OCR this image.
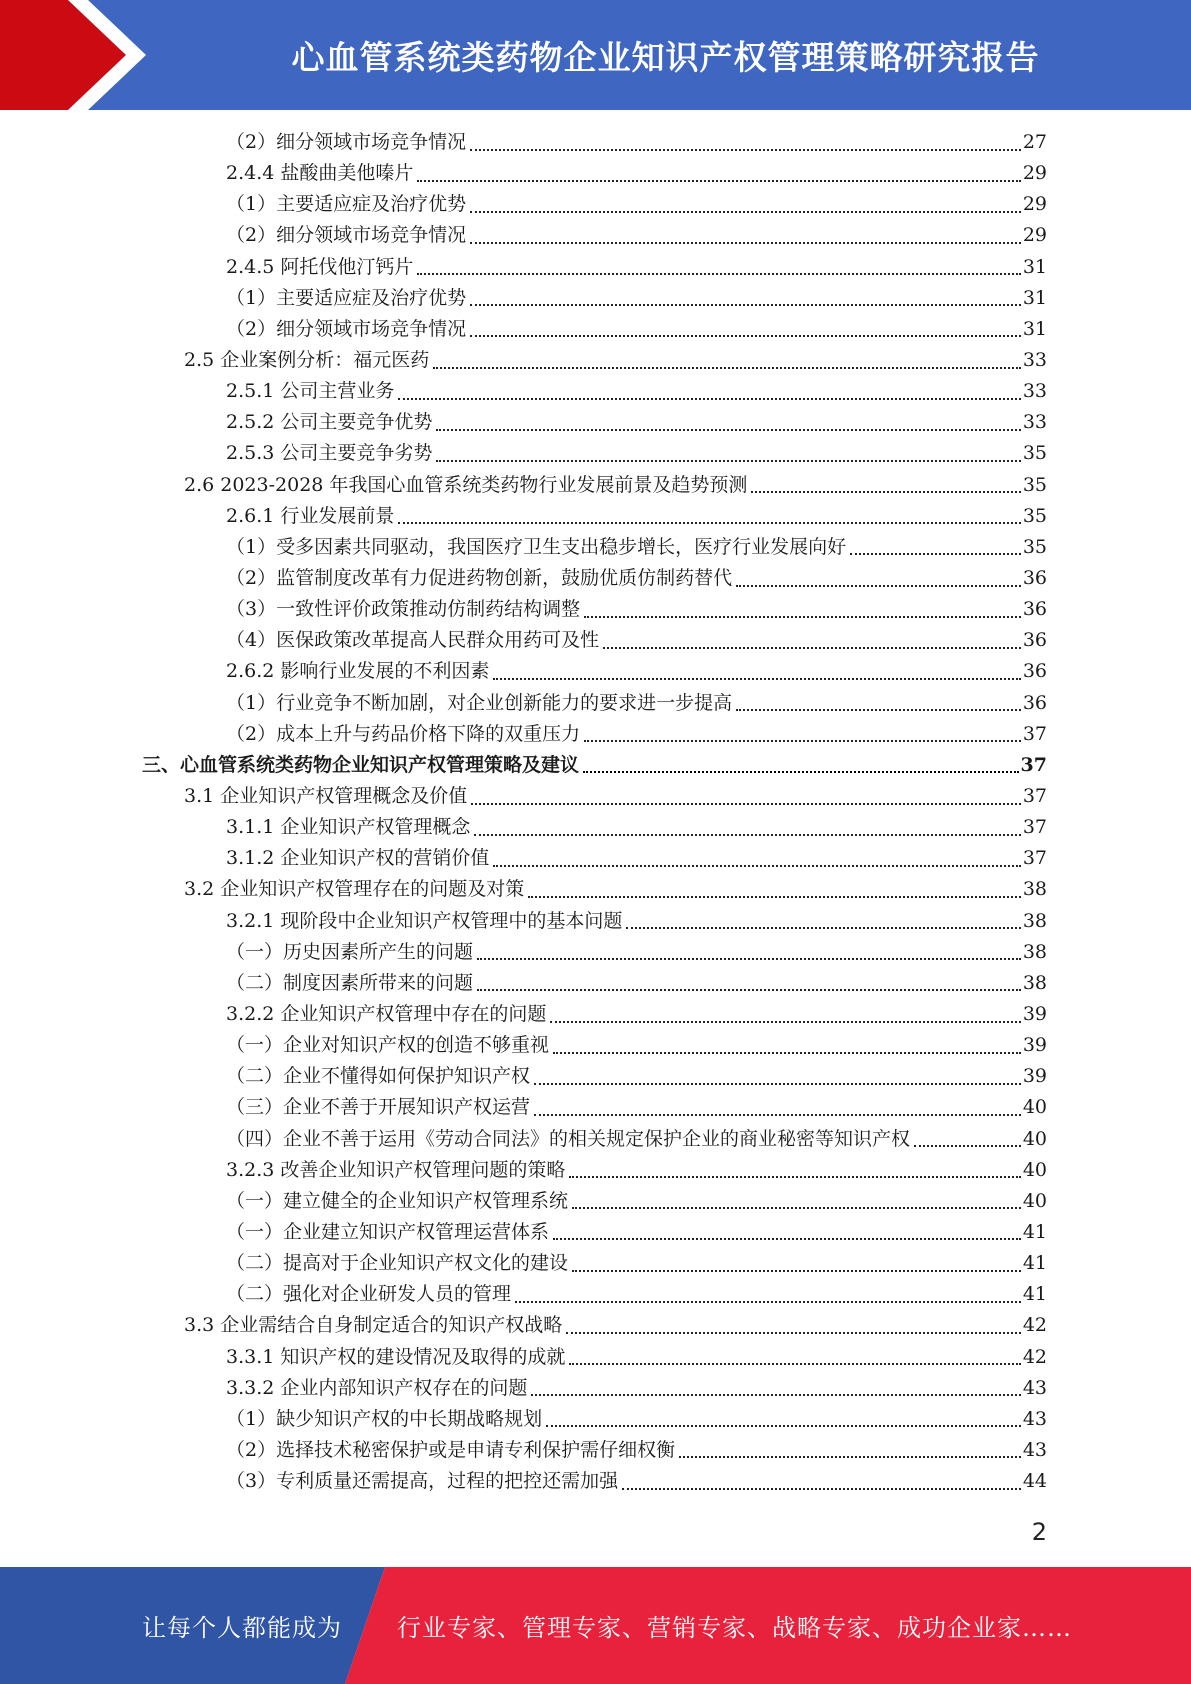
心血管系统类药物企业知识产权管理策略研究报告
（2）细分领域市场竞争情况	27
2.4.4 盐酸曲美他嗪片	29
（1）主要适应症及治疗优势	29
（2）细分领域市场竞争情况	29
2.4.5 阿托伐他汀钙片	31
（1）主要适应症及治疗优势	31
（2）细分领域市场竞争情况	31
2.5 企业案例分析：福元医药	33
2.5.1 公司主营业务	33
2.5.2 公司主要竞争优势	33
2.5.3 公司主要竞争劣势	35
2.6 2023-2028 年我国心血管系统类药物行业发展前景及趋势预测	35
2.6.1 行业发展前景	35
（1）受多因素共同驱动，我国医疗卫生支出稳步增长，医疗行业发展向好	35
（2）监管制度改革有力促进药物创新，鼓励优质仿制药替代	36
（3）一致性评价政策推动仿制药结构调整	36
（4）医保政策改革提高人民群众用药可及性	36
2.6.2 影响行业发展的不利因素	36
（1）行业竞争不断加剧，对企业创新能力的要求进一步提高	36
（2）成本上升与药品价格下降的双重压力	37
三、心血管系统类药物企业知识产权管理策略及建议	37
3.1 企业知识产权管理概念及价值	37
3.1.1 企业知识产权管理概念	37
3.1.2 企业知识产权的营销价值	37
3.2 企业知识产权管理存在的问题及对策	38
3.2.1 现阶段中企业知识产权管理中的基本问题	38
（一）历史因素所产生的问题	38
（二）制度因素所带来的问题	38
3.2.2 企业知识产权管理中存在的问题	39
（一）企业对知识产权的创造不够重视	39
（二）企业不懂得如何保护知识产权	39
（三）企业不善于开展知识产权运营	40
（四）企业不善于运用《劳动合同法》的相关规定保护企业的商业秘密等知识产权	40
3.2.3 改善企业知识产权管理问题的策略	40
（一）建立健全的企业知识产权管理系统	40
（一）企业建立知识产权管理运营体系	41
（二）提高对于企业知识产权文化的建设	41
（二）强化对企业研发人员的管理	41
3.3 企业需结合自身制定适合的知识产权战略	42
3.3.1 知识产权的建设情况及取得的成就	42
3.3.2 企业内部知识产权存在的问题	43
（1）缺少知识产权的中长期战略规划	43
（2）选择技术秘密保护或是申请专利保护需仔细权衡	43
（3）专利质量还需提高，过程的把控还需加强	44
2
让每个人都能成为 行业专家、管理专家、营销专家、战略专家、成功企业家……
